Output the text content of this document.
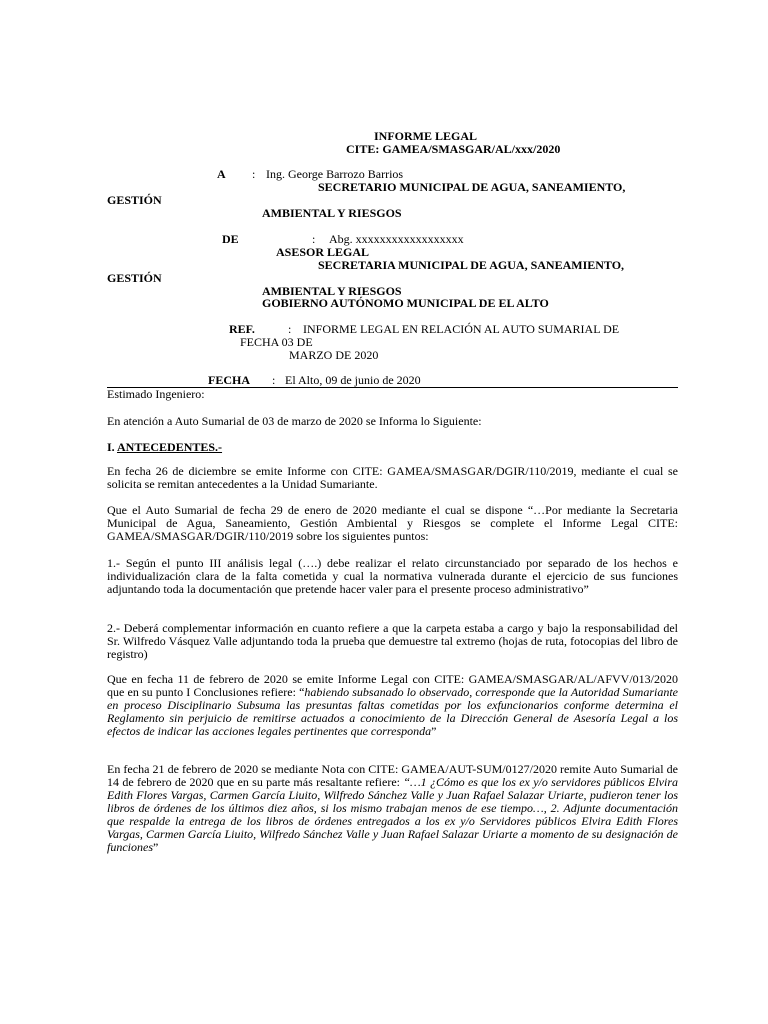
INFORME LEGAL
CITE: GAMEA/SMASGAR/AL/xxx/2020
A : Ing. George Barrozo Barrios
SECRETARIO MUNICIPAL DE AGUA, SANEAMIENTO,
GESTIÓN
AMBIENTAL Y RIESGOS
DE	: Abg. xxxxxxxxxxxxxxxxxx
ASESOR LEGAL
SECRETARIA MUNICIPAL DE AGUA, SANEAMIENTO,
GESTIÓN
AMBIENTAL Y RIESGOS
GOBIERNO AUTÓNOMO MUNICIPAL DE EL ALTO
REF.	: INFORME LEGAL EN RELACIÓN AL AUTO SUMARIAL DE
FECHA 03 DE
MARZO DE 2020
FECHA : El Alto, 09 de junio de 2020
Estimado Ingeniero:
En atención a Auto Sumarial de 03 de marzo de 2020 se Informa lo Siguiente:
I. ANTECEDENTES.-
En fecha 26 de diciembre se emite Informe con CITE: GAMEA/SMASGAR/DGIR/110/2019, mediante el cual se solicita se remitan antecedentes a la Unidad Sumariante.
Que el Auto Sumarial de fecha 29 de enero de 2020 mediante el cual se dispone “…Por mediante la Secretaria Municipal de Agua, Saneamiento, Gestión Ambiental y Riesgos se complete el Informe Legal CITE: GAMEA/SMASGAR/DGIR/110/2019 sobre los siguientes puntos:
1.- Según el punto III análisis legal (….) debe realizar el relato circunstanciado por separado de los hechos e individualización clara de la falta cometida y cual la normativa vulnerada durante el ejercicio de sus funciones adjuntando toda la documentación que pretende hacer valer para el presente proceso administrativo”
2.- Deberá complementar información en cuanto refiere a que la carpeta estaba a cargo y bajo la responsabilidad del Sr. Wilfredo Vásquez Valle adjuntando toda la prueba que demuestre tal extremo (hojas de ruta, fotocopias del libro de registro)
Que en fecha 11 de febrero de 2020 se emite Informe Legal con CITE: GAMEA/SMASGAR/AL/AFVV/013/2020 que en su punto I Conclusiones refiere: “habiendo subsanado lo observado, corresponde que la Autoridad Sumariante en proceso Disciplinario Subsuma las presuntas faltas cometidas por los exfuncionarios conforme determina el Reglamento sin perjuicio de remitirse actuados a conocimiento de la Dirección General de Asesoría Legal a los efectos de indicar las acciones legales pertinentes que corresponda”
En fecha 21 de febrero de 2020 se mediante Nota con CITE: GAMEA/AUT-SUM/0127/2020 remite Auto Sumarial de 14 de febrero de 2020 que en su parte más resaltante refiere: “…1 ¿Cómo es que los ex y/o servidores públicos Elvira Edith Flores Vargas, Carmen García Liuito, Wilfredo Sánchez Valle y Juan Rafael Salazar Uriarte, pudieron tener los libros de órdenes de los últimos diez años, si los mismo trabajan menos de ese tiempo…, 2. Adjunte documentación que respalde la entrega de los libros de órdenes entregados a los ex y/o Servidores públicos Elvira Edith Flores Vargas, Carmen García Liuito, Wilfredo Sánchez Valle y Juan Rafael Salazar Uriarte a momento de su designación de funciones”
